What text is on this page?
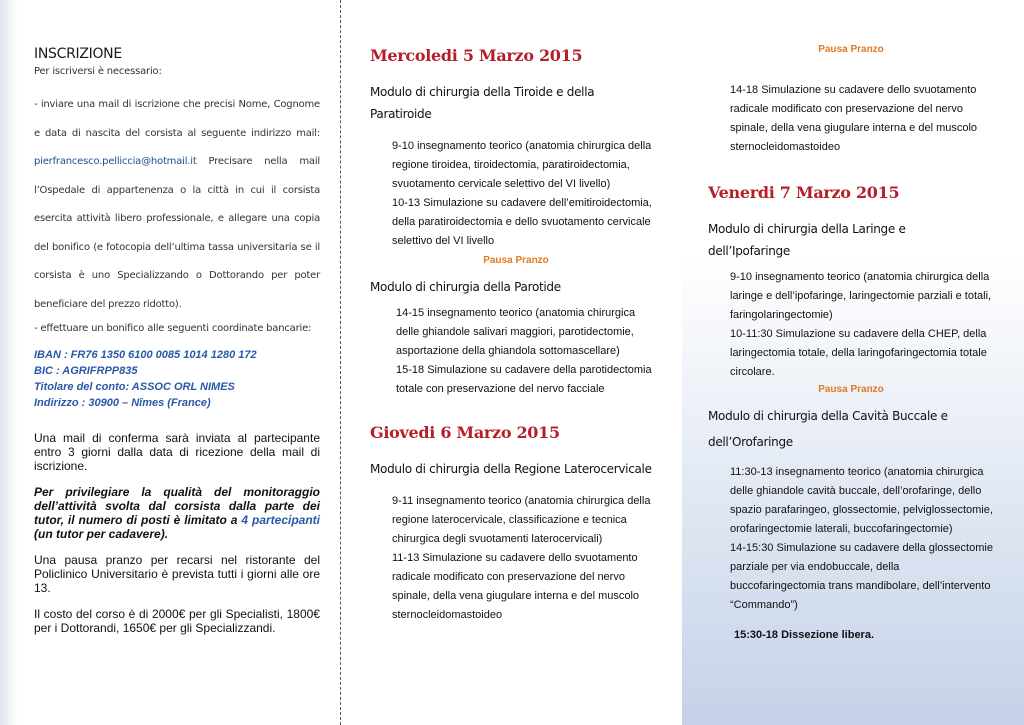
INSCRIZIONE
Per iscriversi è necessario:

- inviare una mail di iscrizione che precisi Nome, Cognome e data di nascita del corsista al seguente indirizzo mail: pierfrancesco.pelliccia@hotmail.it Precisare nella mail l’Ospedale di appartenenza o la città in cui il corsista esercita attività libero professionale, e allegare una copia del bonifico (e fotocopia dell’ultima tassa universitaria se il corsista è uno Specializzando o Dottorando per poter beneficiare del prezzo ridotto).

- effettuare un bonifico alle seguenti coordinate bancarie:

IBAN : FR76 1350 6100 0085 1014 1280 172
BIC : AGRIFRPP835
Titolare del conto: ASSOC ORL NIMES
Indirizzo : 30900 – Nîmes (France)

Una mail di conferma sarà inviata al partecipante entro 3 giorni dalla data di ricezione della mail di iscrizione.

Per privilegiare la qualità del monitoraggio dell’attività svolta dal corsista dalla parte dei tutor, il numero di posti è limitato a 4 partecipanti (un tutor per cadavere).

Una pausa pranzo per recarsi nel ristorante del Policlinico Universitario è prevista tutti i giorni alle ore 13.

Il costo del corso è di 2000€ per gli Specialisti, 1800€ per i Dottorandi, 1650€ per gli Specializzandi.

Mercoledi 5 Marzo 2015

Modulo di chirurgia della Tiroide e della

Paratiroide

9-10 insegnamento teorico (anatomia chirurgica della

regione tiroidea, tiroidectomia, paratiroidectomia,

svuotamento cervicale selettivo del VI livello)

10-13 Simulazione su cadavere dell’emitiroidectomia,

della paratiroidectomia e dello svuotamento cervicale

selettivo del VI livello

Pausa Pranzo

Modulo di chirurgia della Parotide

14-15 insegnamento teorico (anatomia chirurgica

delle ghiandole salivari maggiori, parotidectomie,

asportazione della ghiandola sottomascellare)

15-18 Simulazione su cadavere della parotidectomia

totale con preservazione del nervo facciale

Giovedi 6 Marzo 2015

Modulo di chirurgia della Regione Laterocervicale

9-11 insegnamento teorico (anatomia chirurgica della

regione laterocervicale, classificazione e tecnica

chirurgica degli svuotamenti laterocervicali)

11-13 Simulazione su cadavere dello svuotamento

radicale modificato con preservazione del nervo

spinale, della vena giugulare interna e del muscolo

sternocleidomastoideo

Pausa Pranzo

14-18 Simulazione su cadavere dello svuotamento

radicale modificato con preservazione del nervo

spinale, della vena giugulare interna e del muscolo

sternocleidomastoideo

Venerdi 7 Marzo 2015

Modulo di chirurgia della Laringe e

dell’Ipofaringe

9-10 insegnamento teorico (anatomia chirurgica della

laringe e dell’ipofaringe, laringectomie parziali e totali,

faringolaringectomie)

10-11:30 Simulazione su cadavere della CHEP, della

laringectomia totale, della laringofaringectomia totale

circolare.

Pausa Pranzo

Modulo di chirurgia della Cavità Buccale e

dell’Orofaringe

11:30-13 insegnamento teorico (anatomia chirurgica

delle ghiandole cavità buccale, dell’orofaringe, dello

spazio parafaringeo, glossectomie, pelviglossectomie,

orofaringectomie laterali, buccofaringectomie)

14-15:30 Simulazione su cadavere della glossectomie

parziale per via endobuccale, della

buccofaringectomia trans mandibolare, dell’intervento

“Commando”)

15:30-18 Dissezione libera.
